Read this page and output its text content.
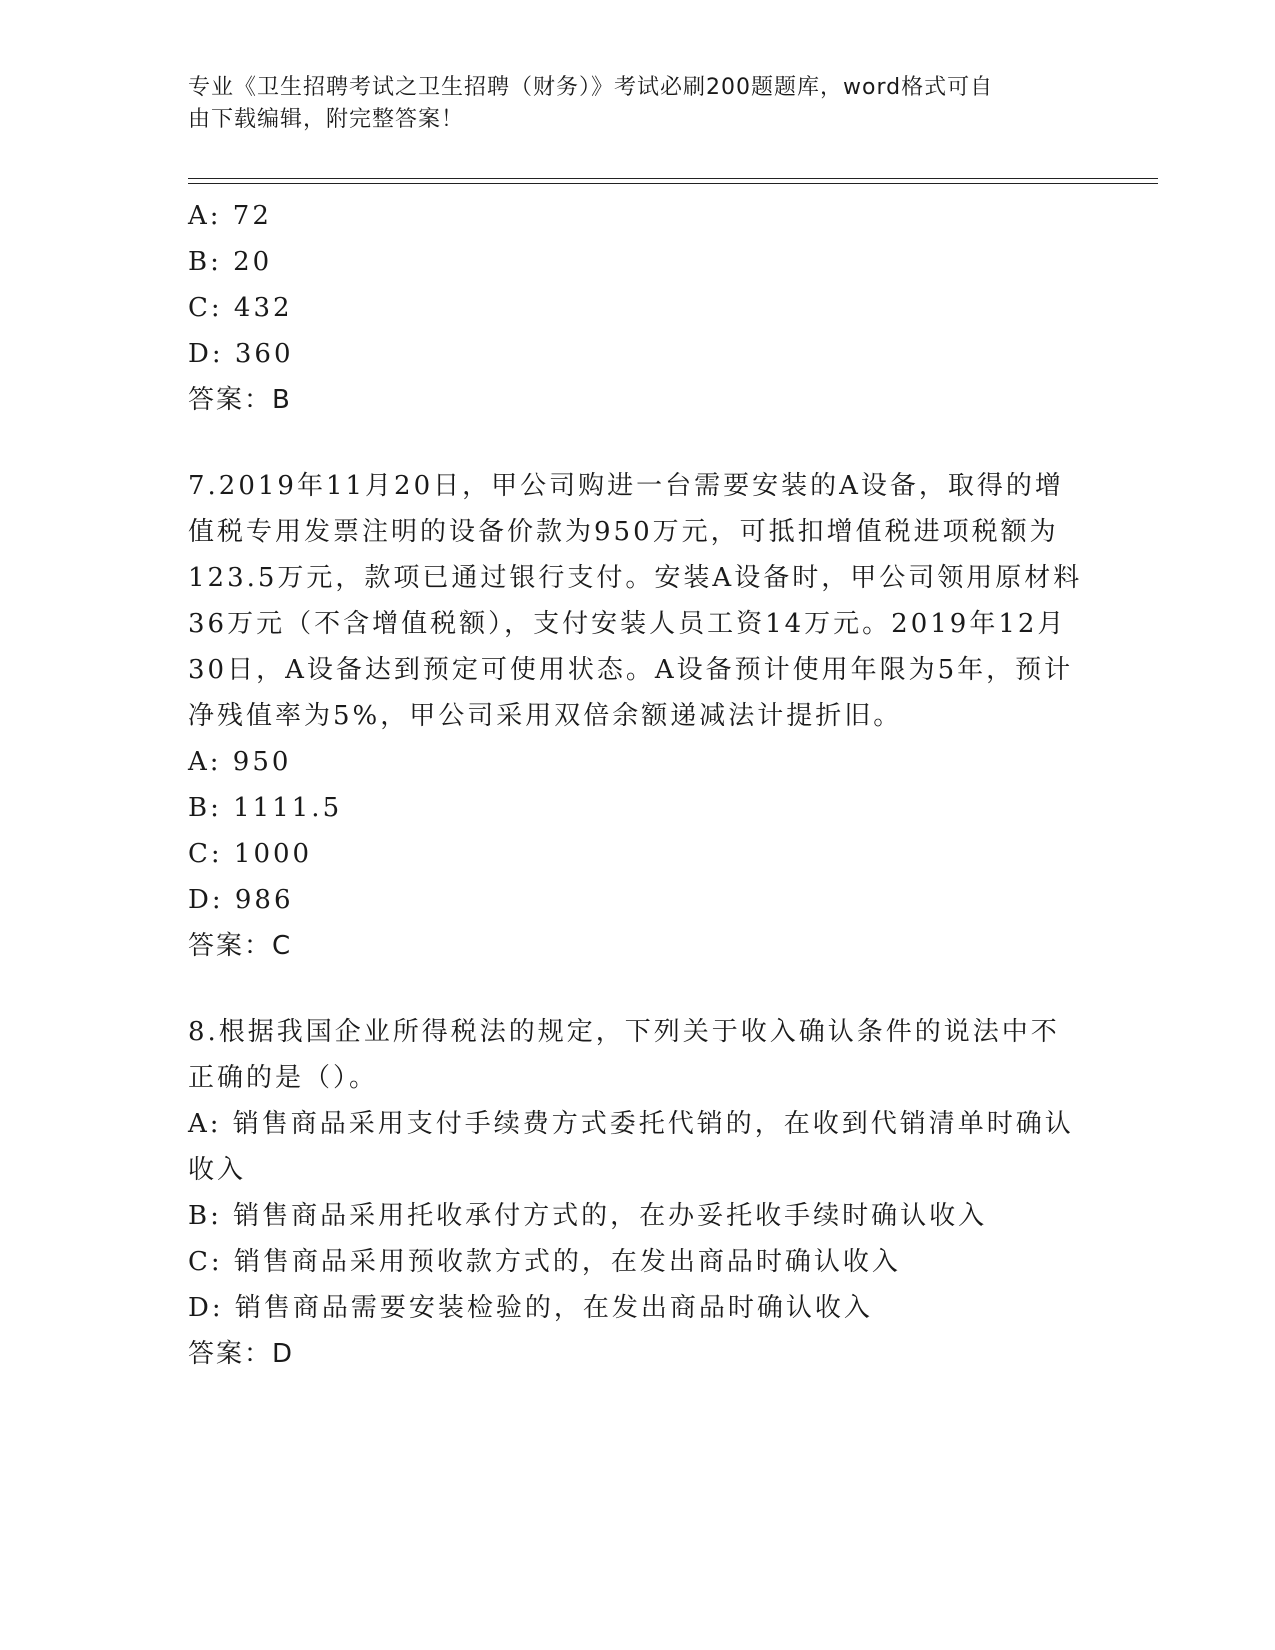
专业《卫生招聘考试之卫生招聘（财务）》考试必刷200题题库，word格式可自
由下载编辑，附完整答案！
A: 72
B: 20
C: 432
D: 360
答案：B
7.2019年11月20日，甲公司购进一台需要安装的A设备，取得的增
值税专用发票注明的设备价款为950万元，可抵扣增值税进项税额为
123.5万元，款项已通过银行支付。安装A设备时，甲公司领用原材料
36万元（不含增值税额），支付安装人员工资14万元。2019年12月
30日，A设备达到预定可使用状态。A设备预计使用年限为5年，预计
净残值率为5%，甲公司采用双倍余额递减法计提折旧。
A: 950
B: 1111.5
C: 1000
D: 986
答案：C
8.根据我国企业所得税法的规定，下列关于收入确认条件的说法中不
正确的是（）。
A: 销售商品采用支付手续费方式委托代销的，在收到代销清单时确认
收入
B: 销售商品采用托收承付方式的，在办妥托收手续时确认收入
C: 销售商品采用预收款方式的，在发出商品时确认收入
D: 销售商品需要安装检验的，在发出商品时确认收入
答案：D
